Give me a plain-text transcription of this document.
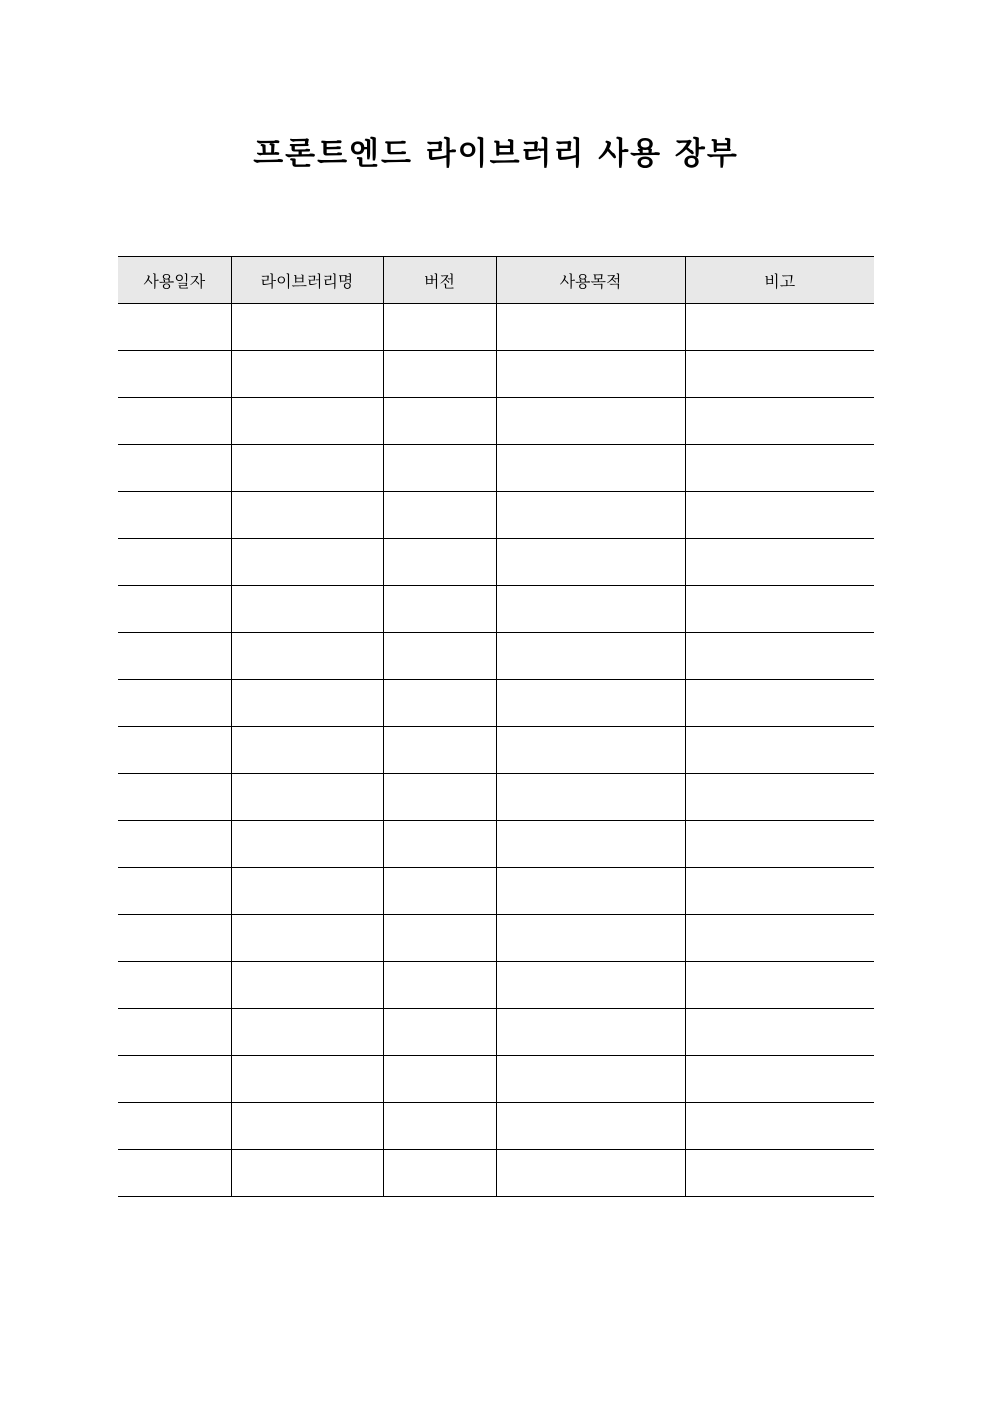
프론트엔드 라이브러리 사용 장부
사용일자	라이브러리명	버전	사용목적	비고
